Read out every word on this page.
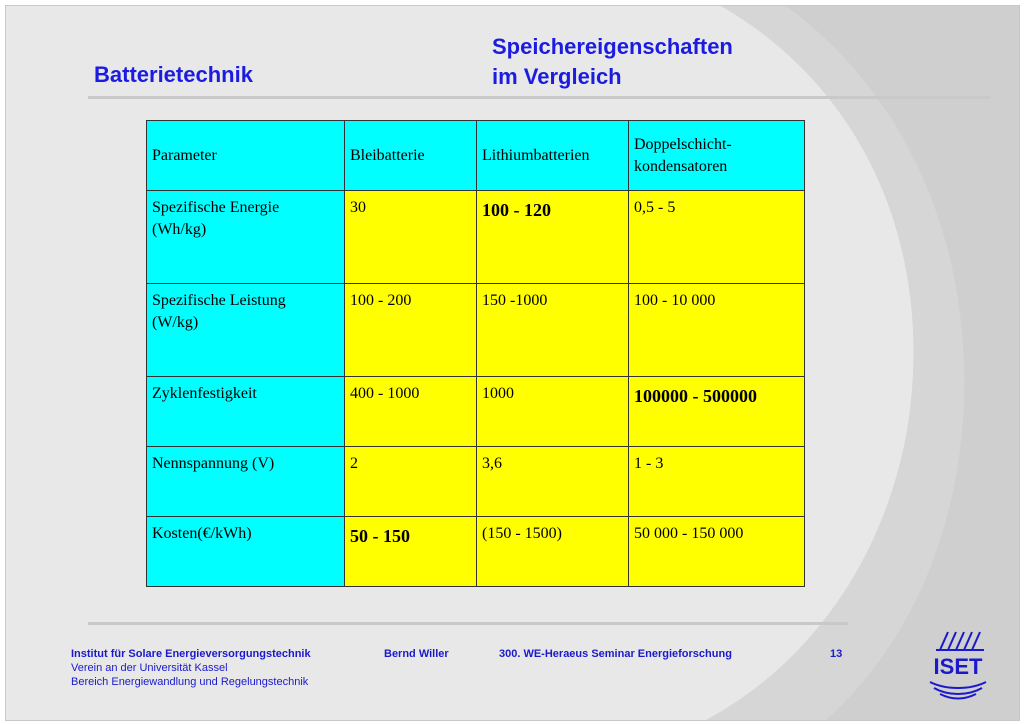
Batterietechnik
Speichereigenschaften
im Vergleich
Parameter	Bleibatterie	Lithiumbatterien	Doppelschicht-
kondensatoren

Spezifische Energie
(Wh/kg)	30	100 - 120	0,5 - 5

Spezifische Leistung
(W/kg)	100 - 200	150 -1000	100 - 10 000
Zyklenfestigkeit	400 - 1000	1000	100000 - 500000
Nennspannung (V)	2	3,6	1 - 3
Kosten(€/kWh)	50 - 150	(150 - 1500)	50 000 - 150 000
Institut für Solare Energieversorgungstechnik	Bernd Willer	300. WE-Heraeus Seminar Energieforschung	13
Verein an der Universität Kassel
Bereich Energiewandlung und Regelungstechnik
ISET
